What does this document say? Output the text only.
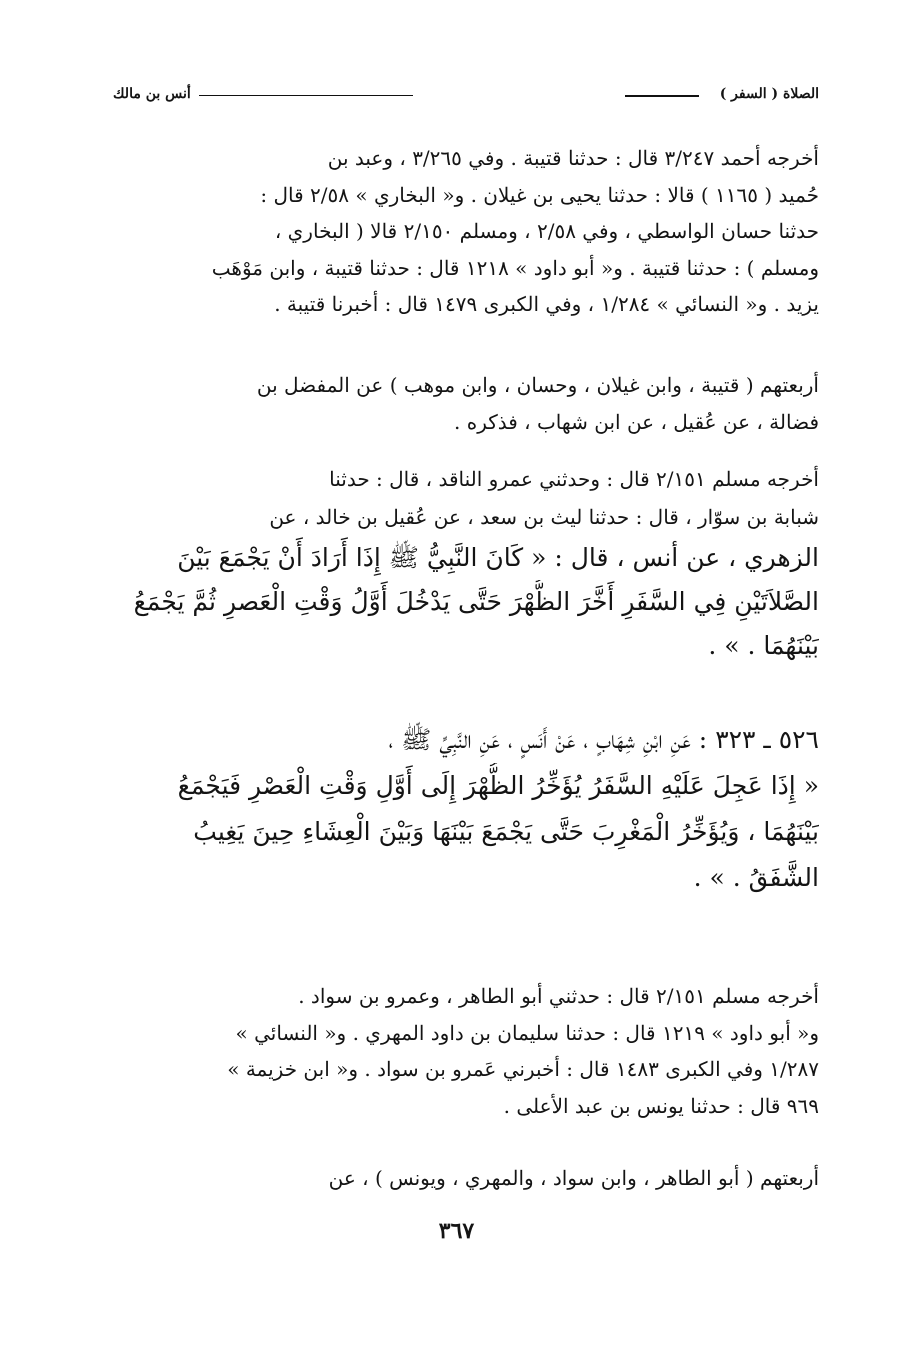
الصلاة ( السفر )
أنس بن مالك
أخرجه أحمد ٣/٢٤٧ قال : حدثنا قتيبة . وفي ٣/٢٦٥ ، وعبد بن
حُميد ( ١١٦٥ ) قالا : حدثنا يحيى بن غيلان . و« البخاري » ٢/٥٨ قال :
حدثنا حسان الواسطي ، وفي ٢/٥٨ ، ومسلم ٢/١٥٠ قالا ( البخاري ،
ومسلم ) : حدثنا قتيبة . و« أبو داود » ١٢١٨ قال : حدثنا قتيبة ، وابن مَوْهَب
يزيد . و« النسائي » ١/٢٨٤ ، وفي الكبرى ١٤٧٩ قال : أخبرنا قتيبة .
أربعتهم ( قتيبة ، وابن غيلان ، وحسان ، وابن موهب ) عن المفضل بن
فضالة ، عن عُقيل ، عن ابن شهاب ، فذكره .
أخرجه مسلم ٢/١٥١ قال : وحدثني عمرو الناقد ، قال : حدثنا
شبابة بن سوّار ، قال : حدثنا ليث بن سعد ، عن عُقيل بن خالد ، عن
الزهري ، عن أنس ، قال : « كَانَ النَّبِيُّ ﷺ إِذَا أَرَادَ أَنْ يَجْمَعَ بَيْنَ
الصَّلاَتَيْنِ فِي السَّفَرِ أَخَّرَ الظُّهْرَ حَتَّى يَدْخُلَ أَوَّلُ وَقْتِ الْعَصرِ ثُمَّ يَجْمَعُ
بَيْنَهُمَا . » .
٥٢٦ ـ ٣٢٣ : عَنِ ابْنِ شِهَابٍ ، عَنْ أَنَسٍ ، عَنِ النَّبِيِّ ﷺ ،
« إِذَا عَجِلَ عَلَيْهِ السَّفَرُ يُؤَخِّرُ الظُّهْرَ إِلَى أَوَّلِ وَقْتِ الْعَصْرِ فَيَجْمَعُ
بَيْنَهُمَا ، وَيُؤَخِّرُ الْمَغْرِبَ حَتَّى يَجْمَعَ بَيْنَهَا وَبَيْنَ الْعِشَاءِ حِينَ يَغِيبُ
الشَّفَقُ . » .
أخرجه مسلم ٢/١٥١ قال : حدثني أبو الطاهر ، وعمرو بن سواد .
و« أبو داود » ١٢١٩ قال : حدثنا سليمان بن داود المهري . و« النسائي »
١/٢٨٧ وفي الكبرى ١٤٨٣ قال : أخبرني عَمرو بن سواد . و« ابن خزيمة »
٩٦٩ قال : حدثنا يونس بن عبد الأعلى .
أربعتهم ( أبو الطاهر ، وابن سواد ، والمهري ، ويونس ) ، عن
٣٦٧
